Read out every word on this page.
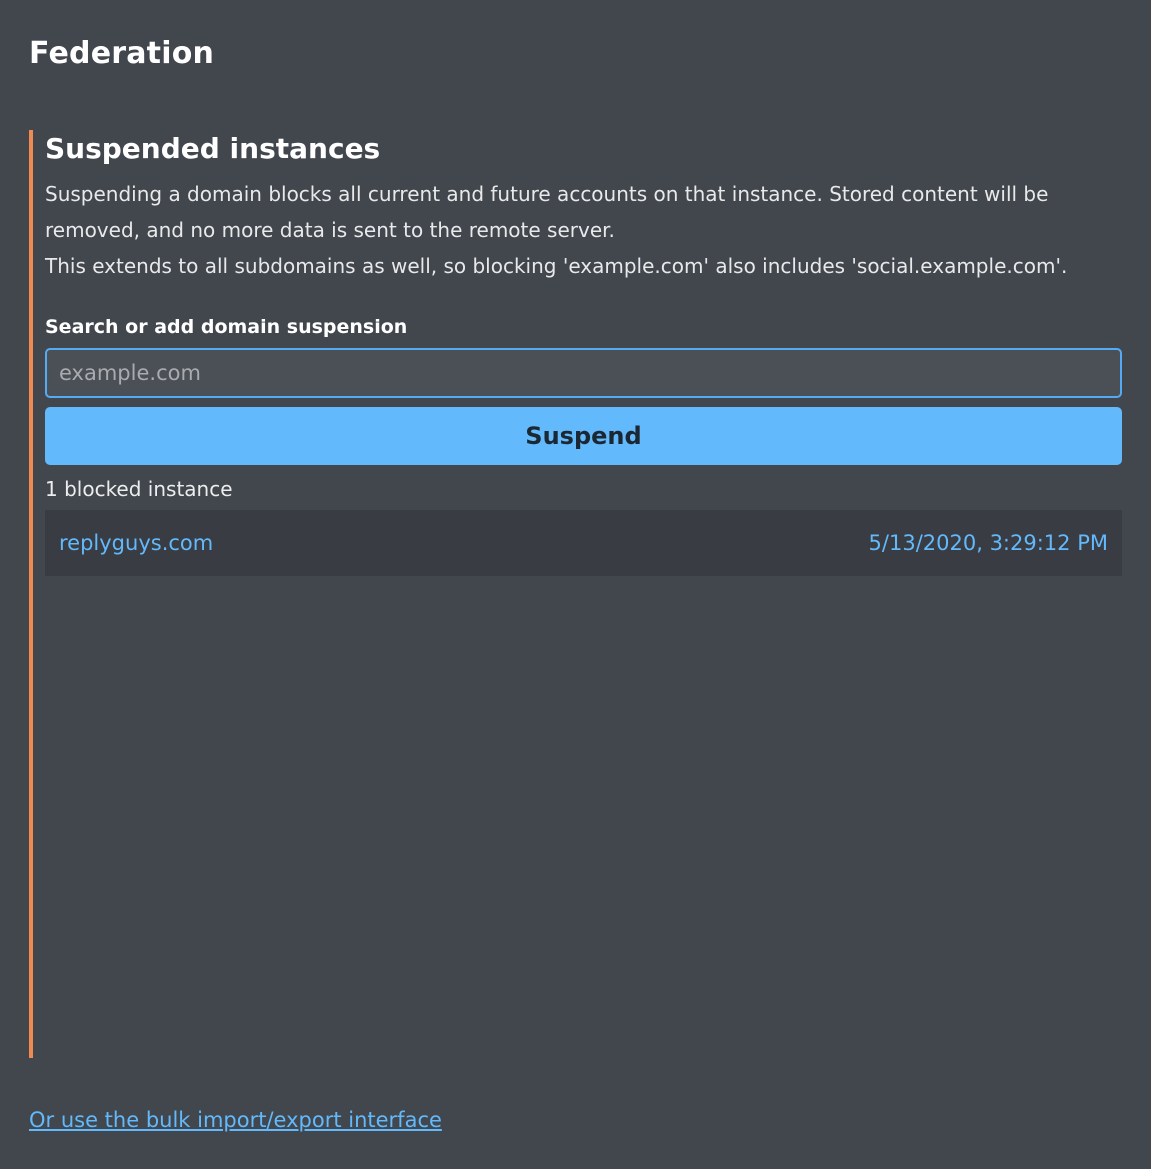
Federation
Suspended instances

Suspending a domain blocks all current and future accounts on that instance. Stored content will be removed, and no more data is sent to the remote server.
This extends to all subdomains as well, so blocking 'example.com' also includes 'social.example.com'.

Search or add domain suspension
example.com
Suspend
1 blocked instance
replyguys.com	5/13/2020, 3:29:12 PM
Or use the bulk import/export interface
